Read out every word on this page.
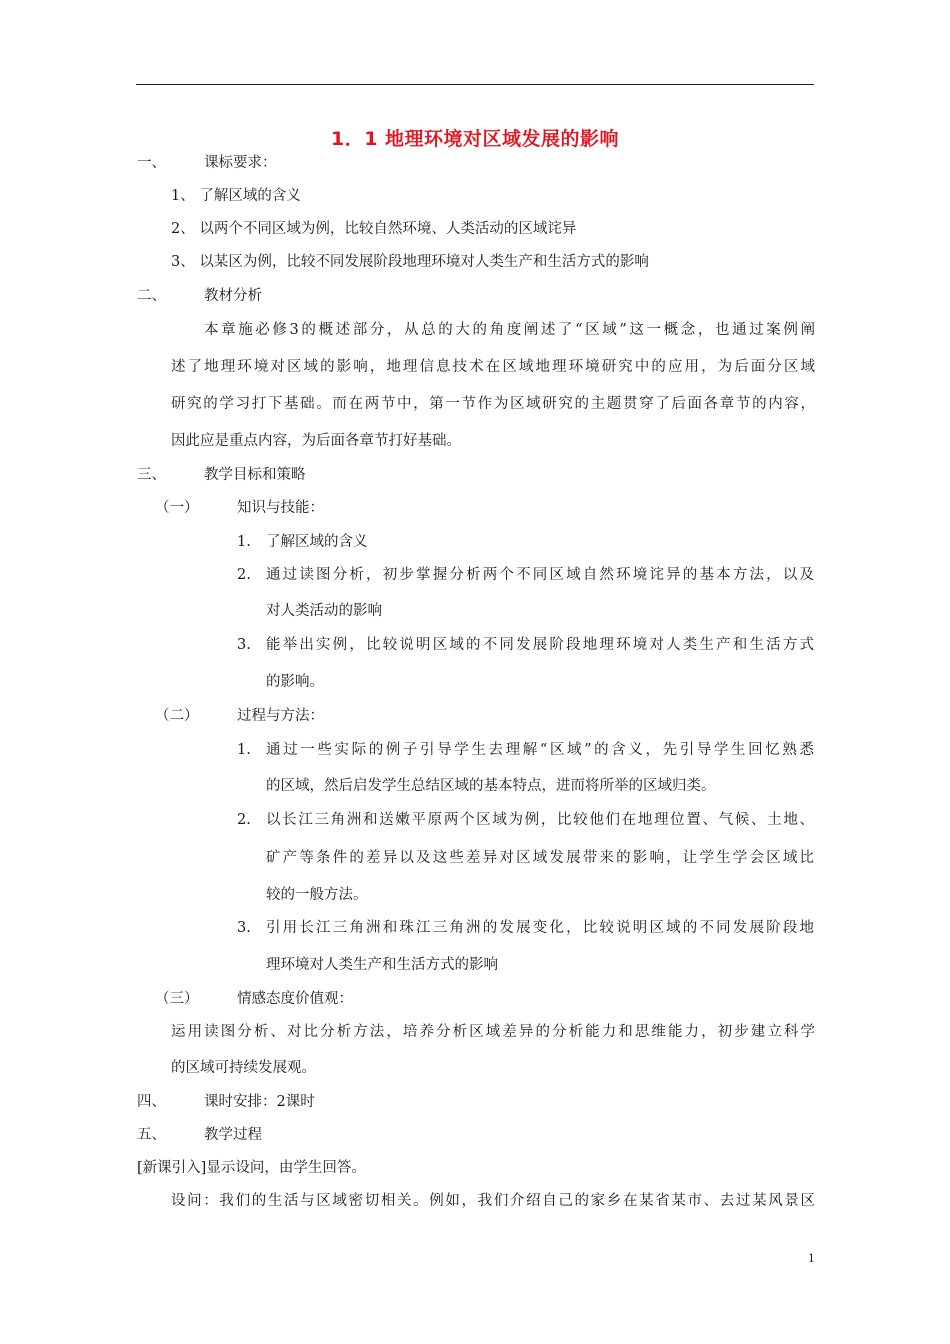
1．1 地理环境对区域发展的影响
一、	课标要求：
1、 了解区域的含义
2、 以两个不同区域为例，比较自然环境、人类活动的区域诧异
3、 以某区为例，比较不同发展阶段地理环境对人类生产和生活方式的影响
二、	教材分析
本章施必修3的概述部分，从总的大的角度阐述了“区域”这一概念，也通过案例阐
述了地理环境对区域的影响，地理信息技术在区域地理环境研究中的应用，为后面分区域
研究的学习打下基础。而在两节中，第一节作为区域研究的主题贯穿了后面各章节的内容，
因此应是重点内容，为后面各章节打好基础。
三、	教学目标和策略
（一）	知识与技能：
1. 了解区域的含义
2. 通过读图分析，初步掌握分析两个不同区域自然环境诧异的基本方法，以及
对人类活动的影响
3. 能举出实例，比较说明区域的不同发展阶段地理环境对人类生产和生活方式
的影响。
（二）	过程与方法：
1. 通过一些实际的例子引导学生去理解“区域”的含义，先引导学生回忆熟悉
的区域，然后启发学生总结区域的基本特点，进而将所举的区域归类。
2. 以长江三角洲和送嫩平原两个区域为例，比较他们在地理位置、气候、土地、
矿产等条件的差异以及这些差异对区域发展带来的影响，让学生学会区域比
较的一般方法。
3. 引用长江三角洲和珠江三角洲的发展变化，比较说明区域的不同发展阶段地
理环境对人类生产和生活方式的影响
（三）	情感态度价值观：
运用读图分析、对比分析方法，培养分析区域差异的分析能力和思维能力，初步建立科学
的区域可持续发展观。
四、	课时安排：2课时
五、	教学过程
[新课引入]显示设问，由学生回答。
设问：我们的生活与区域密切相关。例如，我们介绍自己的家乡在某省某市、去过某风景区
1
